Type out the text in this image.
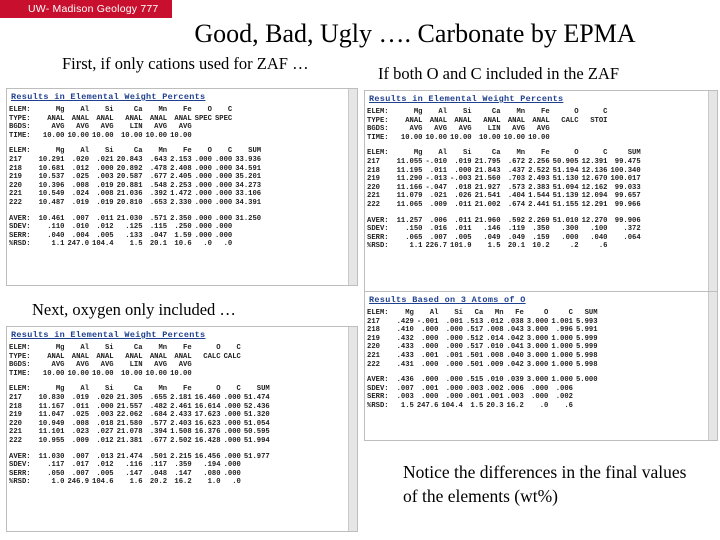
UW- Madison Geology 777
Good, Bad, Ugly …. Carbonate by EPMA
First, if only cations used for ZAF …
If both O and C included in the ZAF
Results in Elemental Weight Percents
ELEM:	Mg	Al	Si	Ca	Mn	Fe	O	C	
TYPE:	ANAL	ANAL	ANAL	ANAL	ANAL	ANAL	SPEC	SPEC	
BGDS:	AVG	AVG	AVG	LIN	AVG	AVG			
TIME:	10.00	10.00	10.00	10.00	10.00	10.00			

ELEM:	Mg	Al	Si	Ca	Mn	Fe	O	C	SUM
217	10.291	.020	.021	20.843	.643	2.153	.000	.000	33.936
218	10.681	.012	.000	20.892	.478	2.408	.000	.000	34.591
219	10.537	.025	.003	20.587	.677	2.405	.000	.000	35.201
220	10.396	.008	.019	20.881	.548	2.253	.000	.000	34.273
221	10.549	.024	.008	21.036	.392	1.472	.000	.000	33.106
222	10.487	.019	.019	20.810	.653	2.330	.000	.000	34.391

AVER:	10.461	.007	.011	21.030	.571	2.350	.000	.000	31.250
SDEV:	.110	.010	.012	.125	.115	.250	.000	.000	
SERR:	.040	.004	.005	.133	.047	1.59	.000	.000	
%RSD:	1.1	247.0	104.4	1.5	20.1	10.6	.0	.0	
Next, oxygen only included …
Results in Elemental Weight Percents
ELEM:	Mg	Al	Si	Ca	Mn	Fe	O	C	
TYPE:	ANAL	ANAL	ANAL	ANAL	ANAL	ANAL	CALC	CALC	
BGDS:	AVG	AVG	AVG	LIN	AVG	AVG			
TIME:	10.00	10.00	10.00	10.00	10.00	10.00			

ELEM:	Mg	Al	Si	Ca	Mn	Fe	O	C	SUM
217	10.830	.019	.020	21.305	.655	2.181	16.460	.000	51.474
218	11.167	.011	.000	21.557	.482	2.461	16.614	.000	52.436
219	11.047	.025	.003	22.062	.684	2.433	17.623	.000	51.320
220	10.949	.008	.018	21.580	.577	2.403	16.623	.000	51.054
221	11.101	.023	.027	21.078	.394	1.508	16.376	.000	50.595
222	10.955	.009	.012	21.381	.677	2.502	16.428	.000	51.994

AVER:	11.030	.007	.013	21.474	.501	2.215	16.456	.000	51.977
SDEV:	.117	.017	.012	.116	.117	.359	.194	.000	
SERR:	.050	.007	.005	.147	.048	.147	.080	.000	
%RSD:	1.0	246.9	104.6	1.6	20.2	16.2	1.0	.0	
Results in Elemental Weight Percents
ELEM:	Mg	Al	Si	Ca	Mn	Fe	O	C	
TYPE:	ANAL	ANAL	ANAL	ANAL	ANAL	ANAL	CALC	STOI	
BGDS:	AVG	AVG	AVG	LIN	AVG	AVG			
TIME:	10.00	10.00	10.00	10.00	10.00	10.00			

ELEM:	Mg	Al	Si	Ca	Mn	Fe	O	C	SUM
217	11.055	-.010	.019	21.795	.672	2.256	50.905	12.391	99.475
218	11.195	.011	.000	21.843	.437	2.522	51.194	12.136	100.340
219	11.290	-.013	-.003	21.560	.703	2.493	51.130	12.670	100.017
220	11.166	-.047	.018	21.927	.573	2.383	51.094	12.162	99.033
221	11.079	.021	.026	21.541	.404	1.544	51.139	12.094	99.657
222	11.065	.009	.011	21.002	.674	2.441	51.155	12.291	99.966

AVER:	11.257	.006	.011	21.960	.592	2.269	51.010	12.270	99.906
SDEV:	.150	.016	.011	.146	.119	.350	.300	.100	.372
SERR:	.065	.007	.005	.049	.049	.159	.000	.040	.064
%RSD:	1.1	226.7	101.9	1.5	20.1	10.2	.2	.6	
Results Based on 3 Atoms of O
ELEM:	Mg	Al	Si	Ca	Mn	Fe	O	C	SUM
217	.429	-.001	.001	.513	.012	.038	3.000	1.001	5.993
218	.410	.000	.000	.517	.008	.043	3.000	.996	5.991
219	.432	.000	.000	.512	.014	.042	3.000	1.000	5.999
220	.433	.000	.000	.517	.010	.041	3.000	1.000	5.999
221	.433	.001	.001	.501	.008	.040	3.000	1.000	5.998
222	.431	.000	.000	.501	.009	.042	3.000	1.000	5.998

AVER:	.436	.000	.000	.515	.010	.039	3.000	1.000	5.000
SDEV:	.007	.001	.000	.003	.002	.006	.000	.006	
SERR:	.003	.000	.000	.001	.001	.003	.000	.002	
%RSD:	1.5	247.6	104.4	1.5	20.3	16.2	.0	.6	
Notice the differences in the final values of the elements (wt%)
